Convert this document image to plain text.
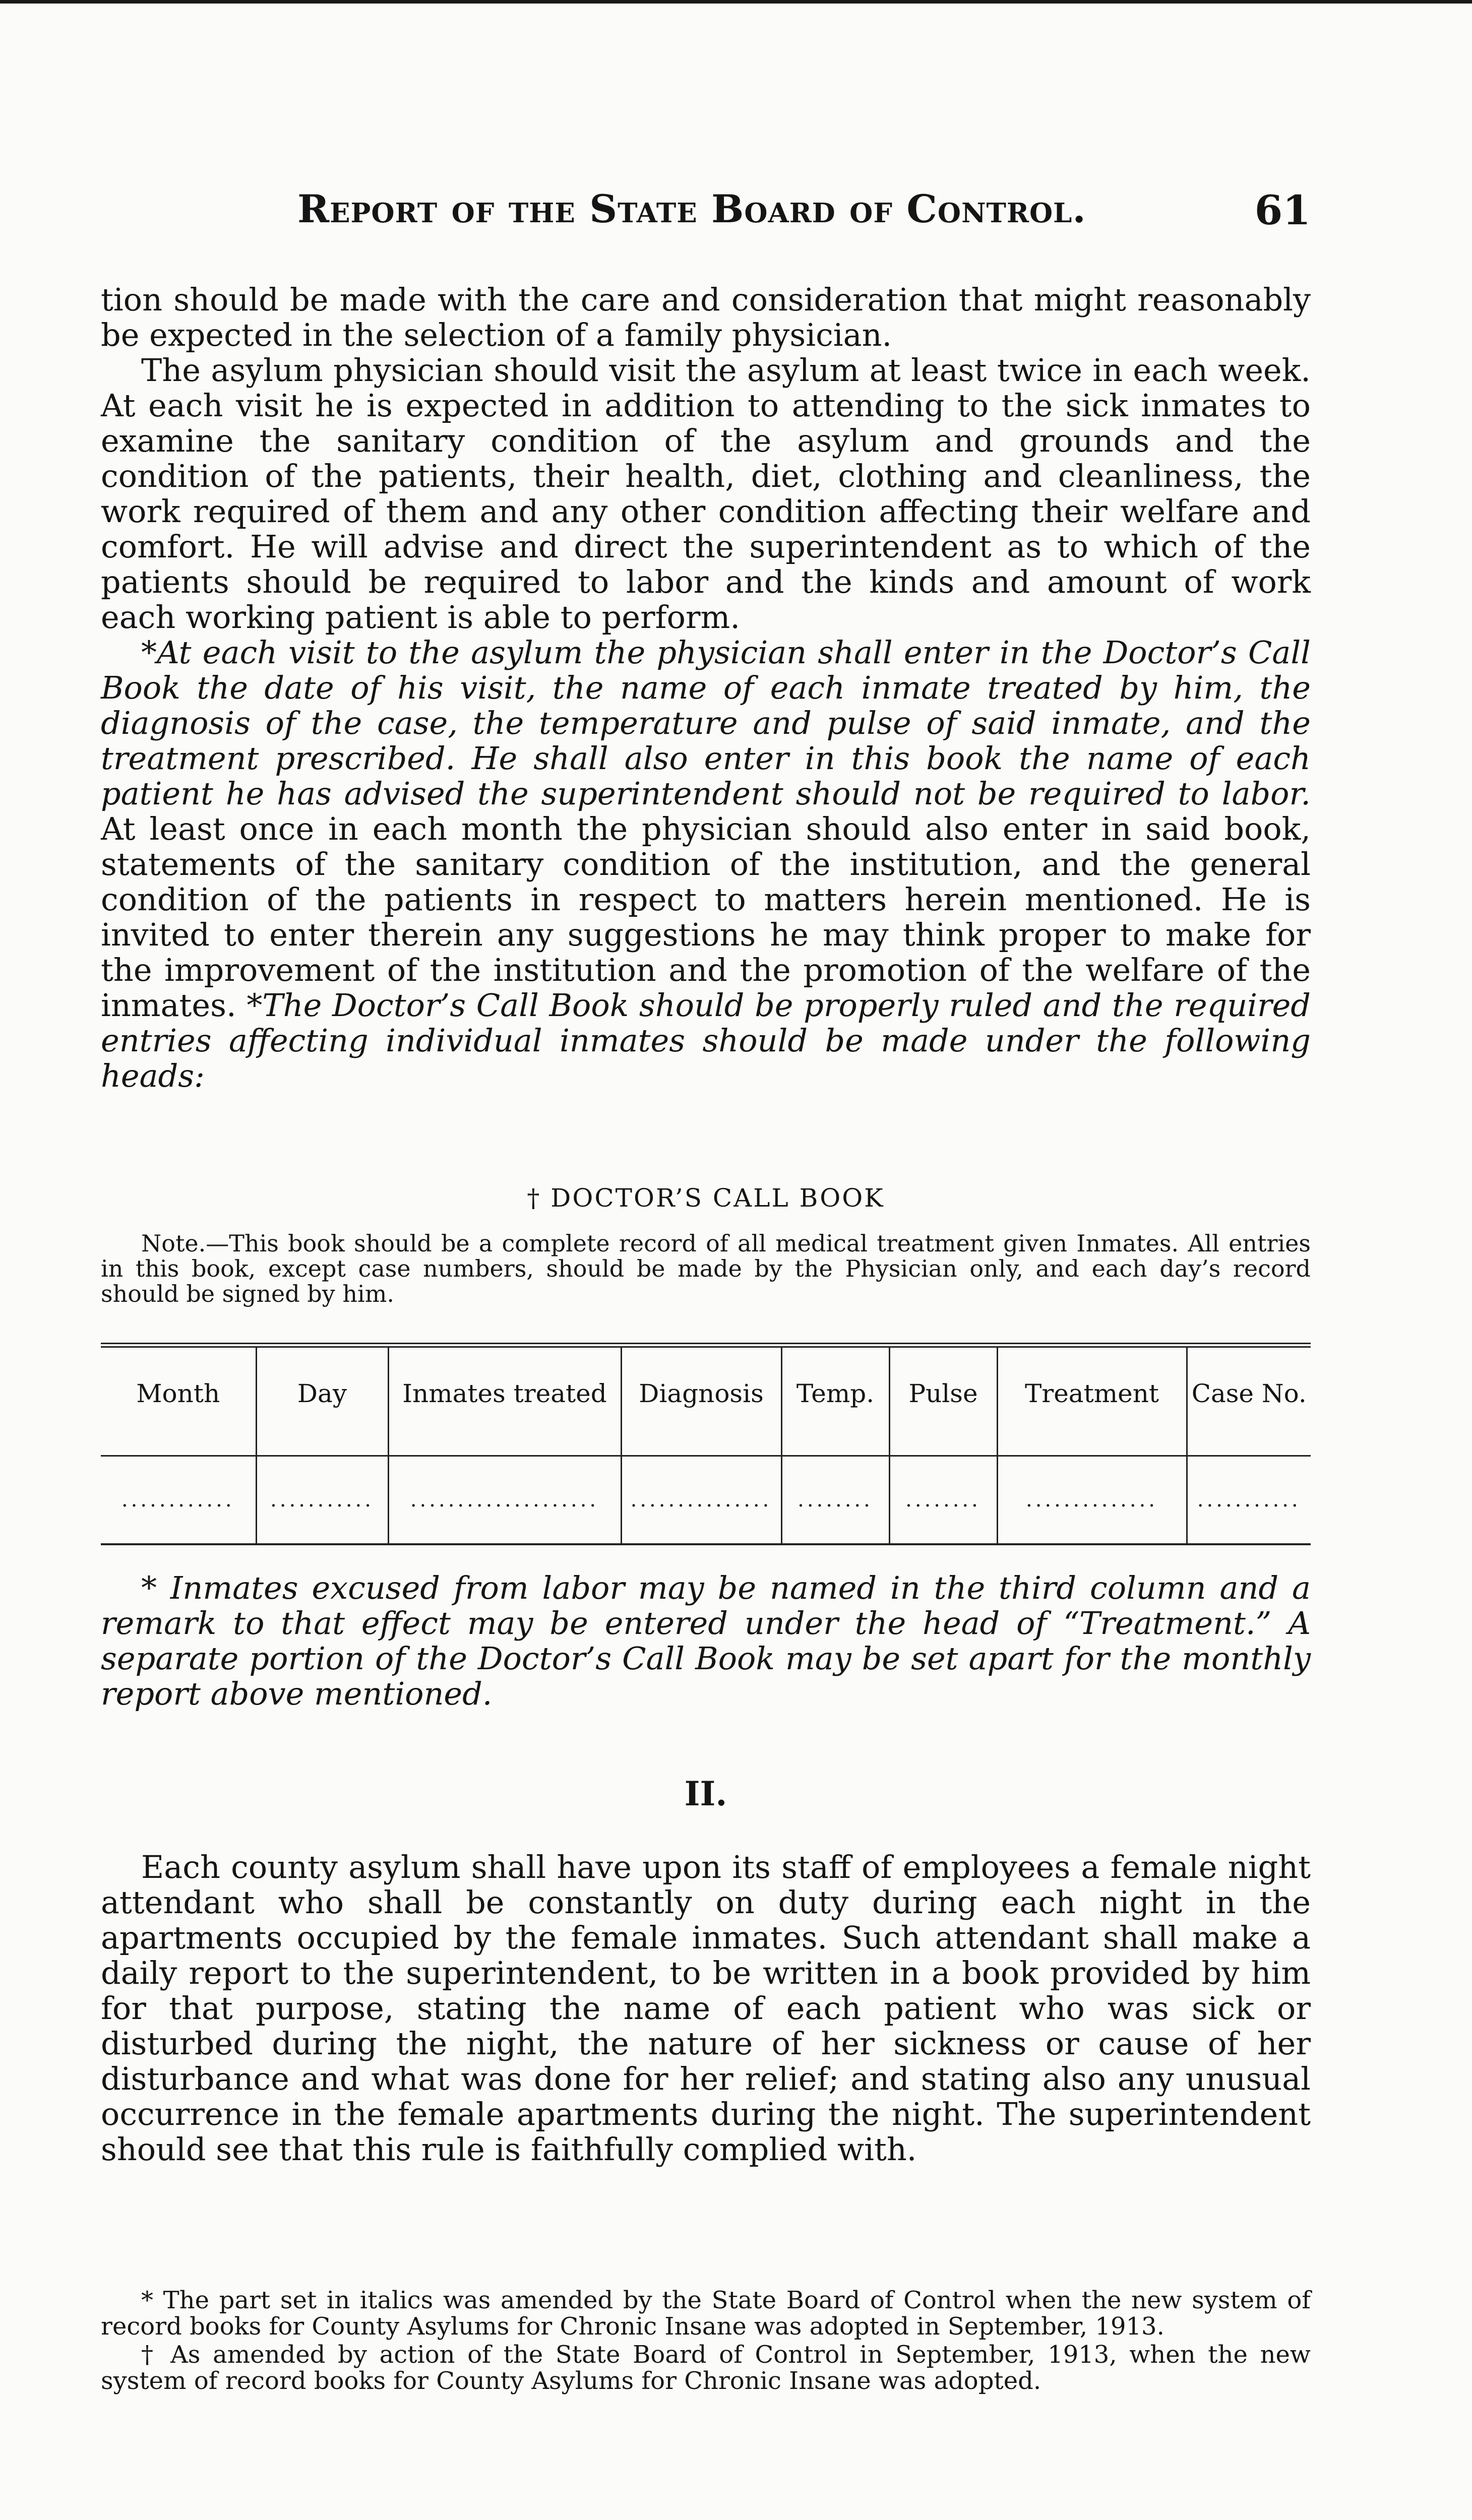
Report of the State Board of Control.	61

tion should be made with the care and consideration that might reasonably be expected in the selection of a family physician.

The asylum physician should visit the asylum at least twice in each week. At each visit he is expected in addition to attending to the sick inmates to examine the sanitary condition of the asylum and grounds and the condition of the patients, their health, diet, clothing and cleanliness, the work required of them and any other condition affecting their welfare and comfort. He will advise and direct the superintendent as to which of the patients should be required to labor and the kinds and amount of work each working patient is able to perform.

*At each visit to the asylum the physician shall enter in the Doctor’s Call Book the date of his visit, the name of each inmate treated by him, the diagnosis of the case, the temperature and pulse of said inmate, and the treatment prescribed. He shall also enter in this book the name of each patient he has advised the superintendent should not be required to labor. At least once in each month the physician should also enter in said book, statements of the sanitary condition of the institution, and the general condition of the patients in respect to matters herein mentioned. He is invited to enter therein any suggestions he may think proper to make for the improvement of the institution and the promotion of the welfare of the inmates. *The Doctor’s Call Book should be properly ruled and the required entries affecting individual inmates should be made under the following heads:

† DOCTOR’S CALL BOOK

Note.—This book should be a complete record of all medical treatment given Inmates. All entries in this book, except case numbers, should be made by the Physician only, and each day’s record should be signed by him.

Month	Day	Inmates treated	Diagnosis	Temp.	Pulse	Treatment	Case No.
............	...........	....................	...............	........	........	..............	...........

* Inmates excused from labor may be named in the third column and a remark to that effect may be entered under the head of “Treatment.” A separate portion of the Doctor’s Call Book may be set apart for the monthly report above mentioned.

II.

Each county asylum shall have upon its staff of employees a female night attendant who shall be constantly on duty during each night in the apartments occupied by the female inmates. Such attendant shall make a daily report to the superintendent, to be written in a book provided by him for that purpose, stating the name of each patient who was sick or disturbed during the night, the nature of her sickness or cause of her disturbance and what was done for her relief; and stating also any unusual occurrence in the female apartments during the night. The superintendent should see that this rule is faithfully complied with.

* The part set in italics was amended by the State Board of Control when the new system of record books for County Asylums for Chronic Insane was adopted in September, 1913.

† As amended by action of the State Board of Control in September, 1913, when the new system of record books for County Asylums for Chronic Insane was adopted.
